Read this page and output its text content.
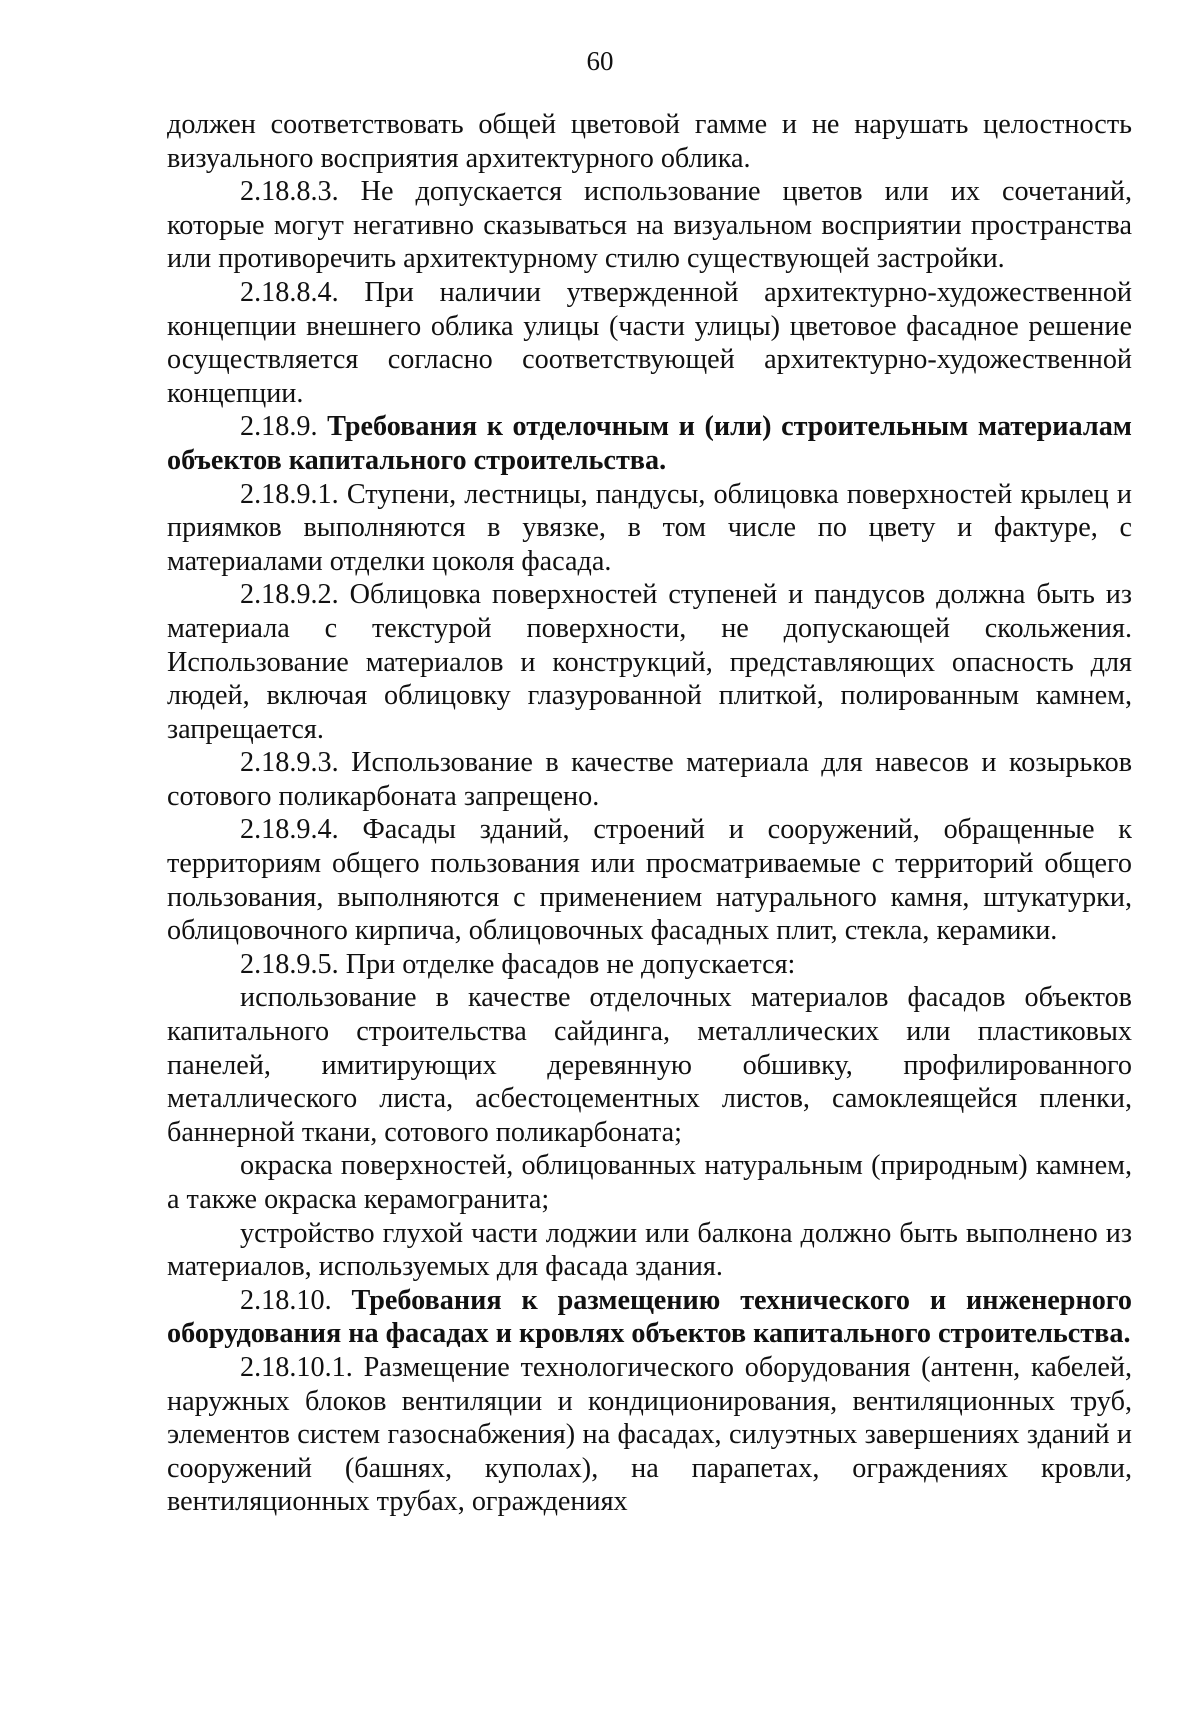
60

должен соответствовать общей цветовой гамме и не нарушать целостность визуального восприятия архитектурного облика.

2.18.8.3. Не допускается использование цветов или их сочетаний, которые могут негативно сказываться на визуальном восприятии пространства или противоречить архитектурному стилю существующей застройки.

2.18.8.4. При наличии утвержденной архитектурно-художественной концепции внешнего облика улицы (части улицы) цветовое фасадное решение осуществляется согласно соответствующей архитектурно-художественной концепции.

2.18.9. Требования к отделочным и (или) строительным материалам объектов капитального строительства.

2.18.9.1. Ступени, лестницы, пандусы, облицовка поверхностей крылец и приямков выполняются в увязке, в том числе по цвету и фактуре, с материалами отделки цоколя фасада.

2.18.9.2. Облицовка поверхностей ступеней и пандусов должна быть из материала с текстурой поверхности, не допускающей скольжения. Использование материалов и конструкций, представляющих опасность для людей, включая облицовку глазурованной плиткой, полированным камнем, запрещается.

2.18.9.3. Использование в качестве материала для навесов и козырьков сотового поликарбоната запрещено.

2.18.9.4. Фасады зданий, строений и сооружений, обращенные к территориям общего пользования или просматриваемые с территорий общего пользования, выполняются с применением натурального камня, штукатурки, облицовочного кирпича, облицовочных фасадных плит, стекла, керамики.

2.18.9.5. При отделке фасадов не допускается:

использование в качестве отделочных материалов фасадов объектов капитального строительства сайдинга, металлических или пластиковых панелей, имитирующих деревянную обшивку, профилированного металлического листа, асбестоцементных листов, самоклеящейся пленки, баннерной ткани, сотового поликарбоната;

окраска поверхностей, облицованных натуральным (природным) камнем, а также окраска керамогранита;

устройство глухой части лоджии или балкона должно быть выполнено из материалов, используемых для фасада здания.

2.18.10. Требования к размещению технического и инженерного оборудования на фасадах и кровлях объектов капитального строительства.

2.18.10.1. Размещение технологического оборудования (антенн, кабелей, наружных блоков вентиляции и кондиционирования, вентиляционных труб, элементов систем газоснабжения) на фасадах, силуэтных завершениях зданий и сооружений (башнях, куполах), на парапетах, ограждениях кровли, вентиляционных трубах, ограждениях
